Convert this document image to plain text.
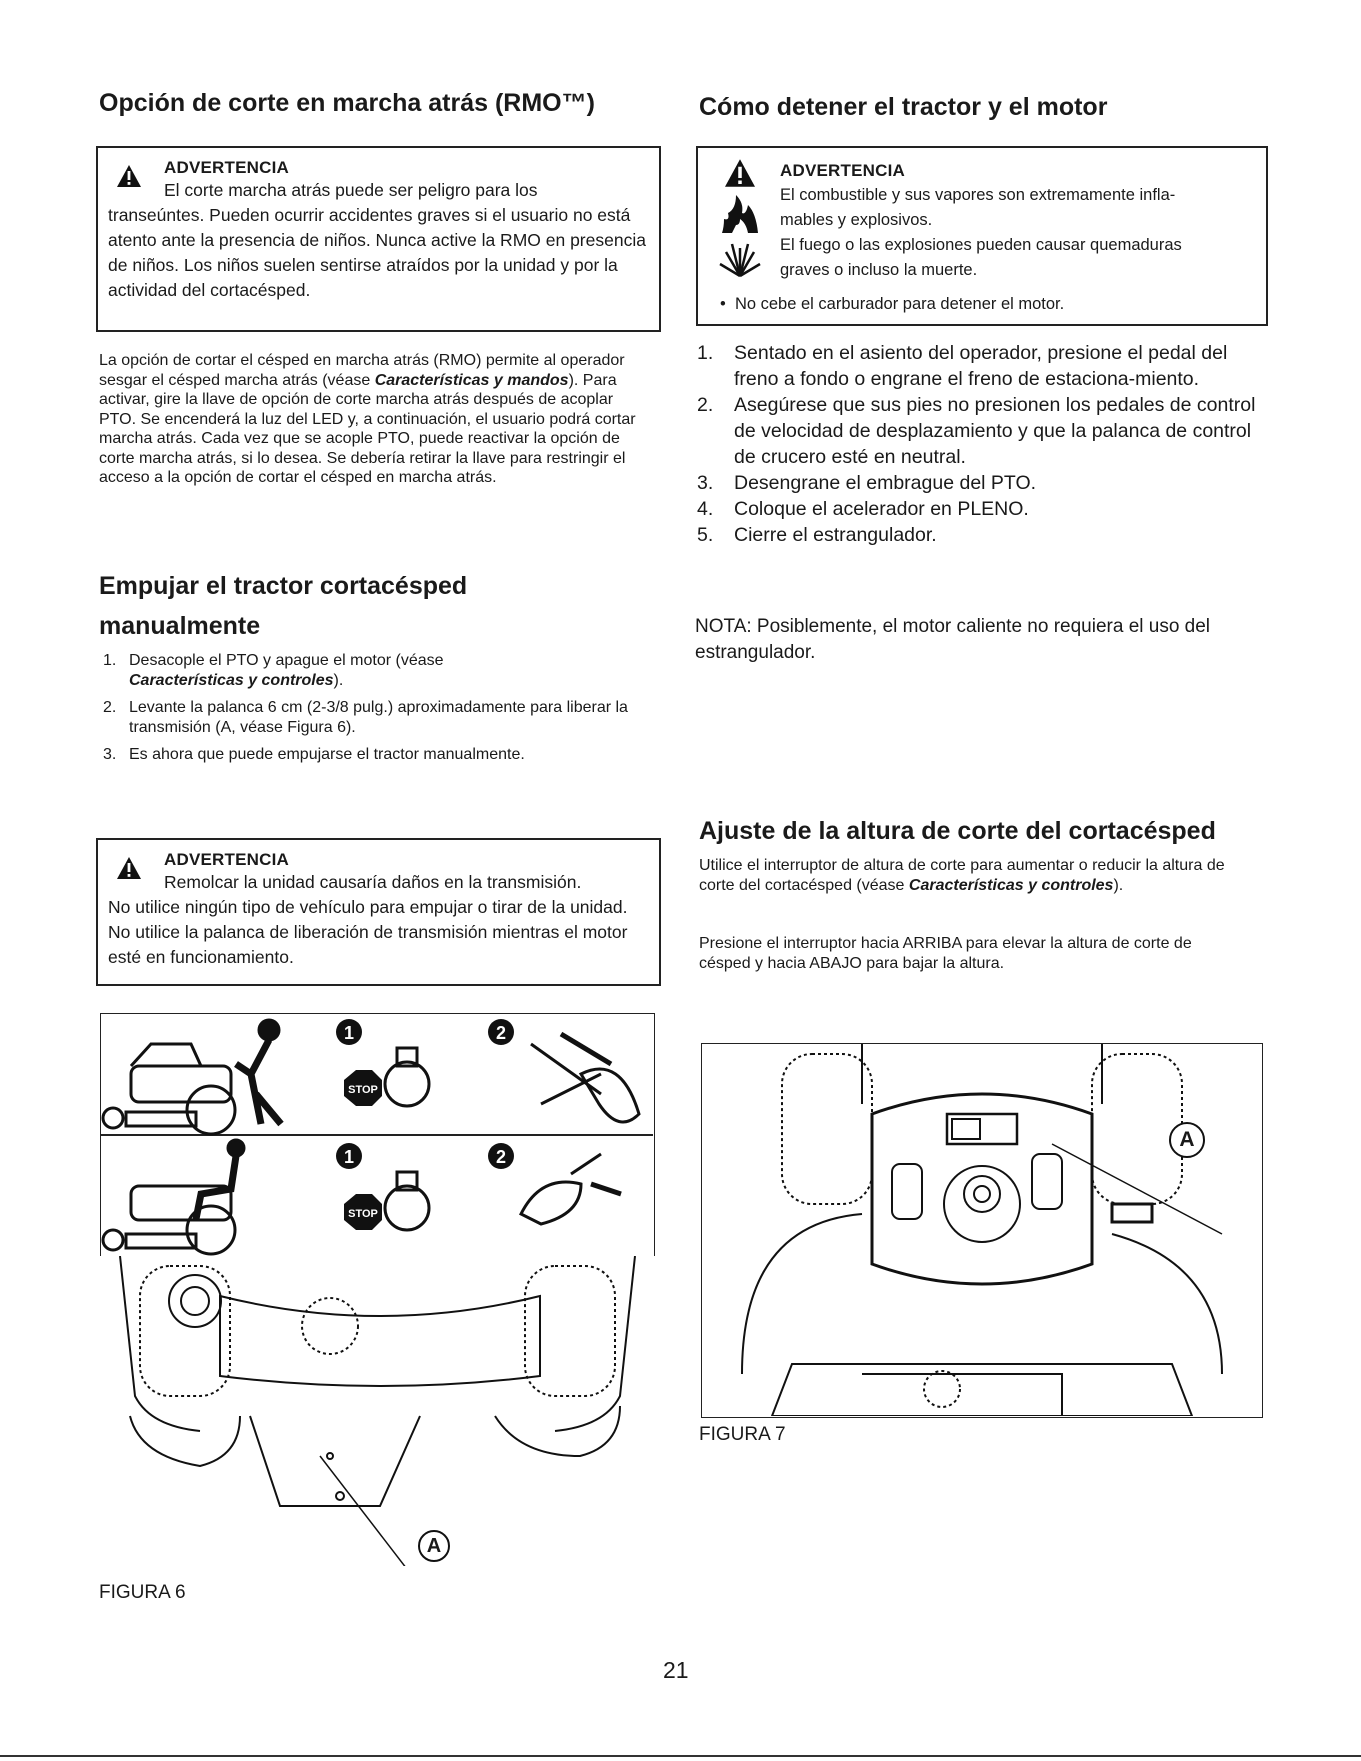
Opción de corte en marcha atrás (RMO™)
ADVERTENCIA
El corte marcha atrás puede ser peligro para los
transeúntes. Pueden ocurrir accidentes graves si el usuario no está atento ante la presencia de niños. Nunca active la RMO en presencia de niños. Los niños suelen sentirse atraídos por la unidad y por la actividad del cortacésped.
La opción de cortar el césped en marcha atrás (RMO) permite al operador sesgar el césped marcha atrás (véase Características y mandos). Para activar, gire la llave de opción de corte marcha atrás después de acoplar PTO. Se encenderá la luz del LED y, a continuación, el usuario podrá cortar marcha atrás. Cada vez que se acople PTO, puede reactivar la opción de corte marcha atrás, si lo desea. Se debería retirar la llave para restringir el acceso a la opción de cortar el césped en marcha atrás.
Empujar el tractor cortacésped
manualmente
1. Desacople el PTO y apague el motor (véase
Características y controles).
2. Levante la palanca 6 cm (2-3/8 pulg.) aproximadamente para liberar la transmisión (A, véase Figura 6).
3. Es ahora que puede empujarse el tractor manualmente.
ADVERTENCIA
Remolcar la unidad causaría daños en la transmisión.
No utilice ningún tipo de vehículo para empujar o tirar de la unidad. No utilice la palanca de liberación de transmisión mientras el motor esté en funcionamiento.
1	2
STOP
1	2
STOP
A
FIGURA 6
Cómo detener el tractor y el motor

ADVERTENCIA
El combustible y sus vapores son extremamente infla-
mables y explosivos.
El fuego o las explosiones pueden causar quemaduras
graves o incluso la muerte.
•  No cebe el carburador para detener el motor.
1.	Sentado en el asiento del operador, presione el pedal del freno a fondo o engrane el freno de estaciona-miento.
2.	Asegúrese que sus pies no presionen los pedales de control de velocidad de desplazamiento y que la palanca de control de crucero esté en neutral.
3.	Desengrane el embrague del PTO.
4.	Coloque el acelerador en PLENO.
5.	Cierre el estrangulador.
NOTA: Posiblemente, el motor caliente no requiera el uso del estrangulador.
Ajuste de la altura de corte del cortacésped
Utilice el interruptor de altura de corte para aumentar o reducir la altura de corte del cortacésped (véase Características y controles).
Presione el interruptor hacia ARRIBA para elevar la altura de corte de césped y hacia ABAJO para bajar la altura.
A
FIGURA 7
21
